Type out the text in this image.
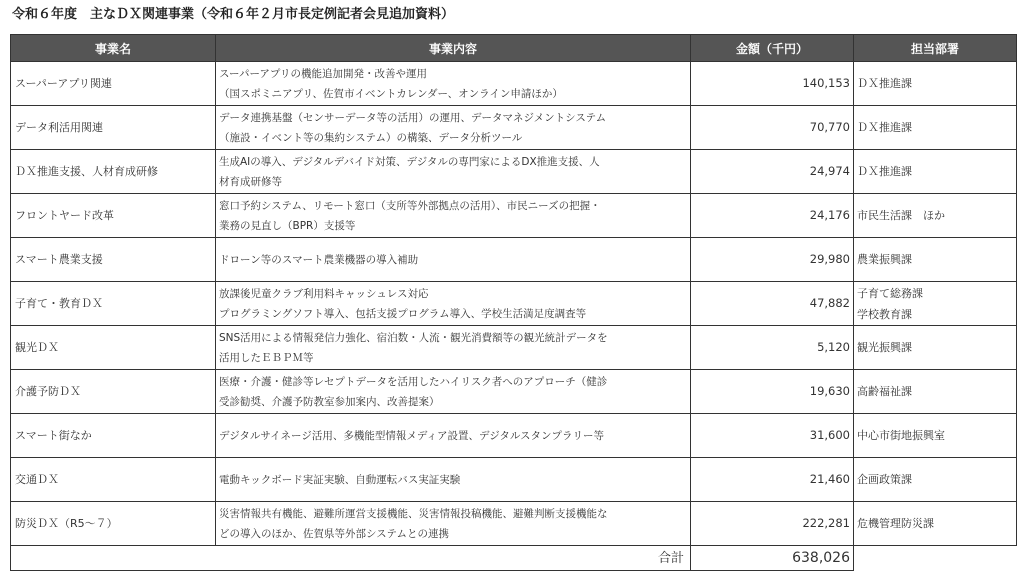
令和６年度　主なＤＸ関連事業（令和６年２月市長定例記者会見追加資料）
事業名	事業内容	金額（千円）	担当部署
スーパーアプリ関連	スーパーアプリの機能追加開発・改善や運用
（国スポミニアプリ、佐賀市イベントカレンダー、オンライン申請ほか）	140,153	ＤＸ推進課

データ利活用関連	データ連携基盤（センサーデータ等の活用）の運用、データマネジメントシステム
（施設・イベント等の集約システム）の構築、データ分析ツール	70,770	ＤＸ推進課

ＤＸ推進支援、人材育成研修	生成AIの導入、デジタルデバイド対策、デジタルの専門家によるDX推進支援、人
材育成研修等	24,974	ＤＸ推進課

フロントヤード改革	窓口予約システム、リモート窓口（支所等外部拠点の活用）、市民ニーズの把握・
業務の見直し（BPR）支援等	24,176	市民生活課　ほか

スマート農業支援	ドローン等のスマート農業機器の導入補助	29,980	農業振興課

子育て・教育ＤＸ	放課後児童クラブ利用料キャッシュレス対応
プログラミングソフト導入、包括支援プログラム導入、学校生活満足度調査等	47,882	子育て総務課
学校教育課

観光ＤＸ	SNS活用による情報発信力強化、宿泊数・人流・観光消費額等の観光統計データを
活用したＥＢＰＭ等	5,120	観光振興課

介護予防ＤＸ	医療・介護・健診等レセプトデータを活用したハイリスク者へのアプローチ（健診
受診勧奨、介護予防教室参加案内、改善提案）	19,630	高齢福祉課

スマート街なか	デジタルサイネージ活用、多機能型情報メディア設置、デジタルスタンプラリー等	31,600	中心市街地振興室

交通ＤＸ	電動キックボード実証実験、自動運転バス実証実験	21,460	企画政策課

防災ＤＸ（R5～７）	災害情報共有機能、避難所運営支援機能、災害情報投稿機能、避難判断支援機能な
どの導入のほか、佐賀県等外部システムとの連携	222,281	危機管理防災課

合計		638,026	
